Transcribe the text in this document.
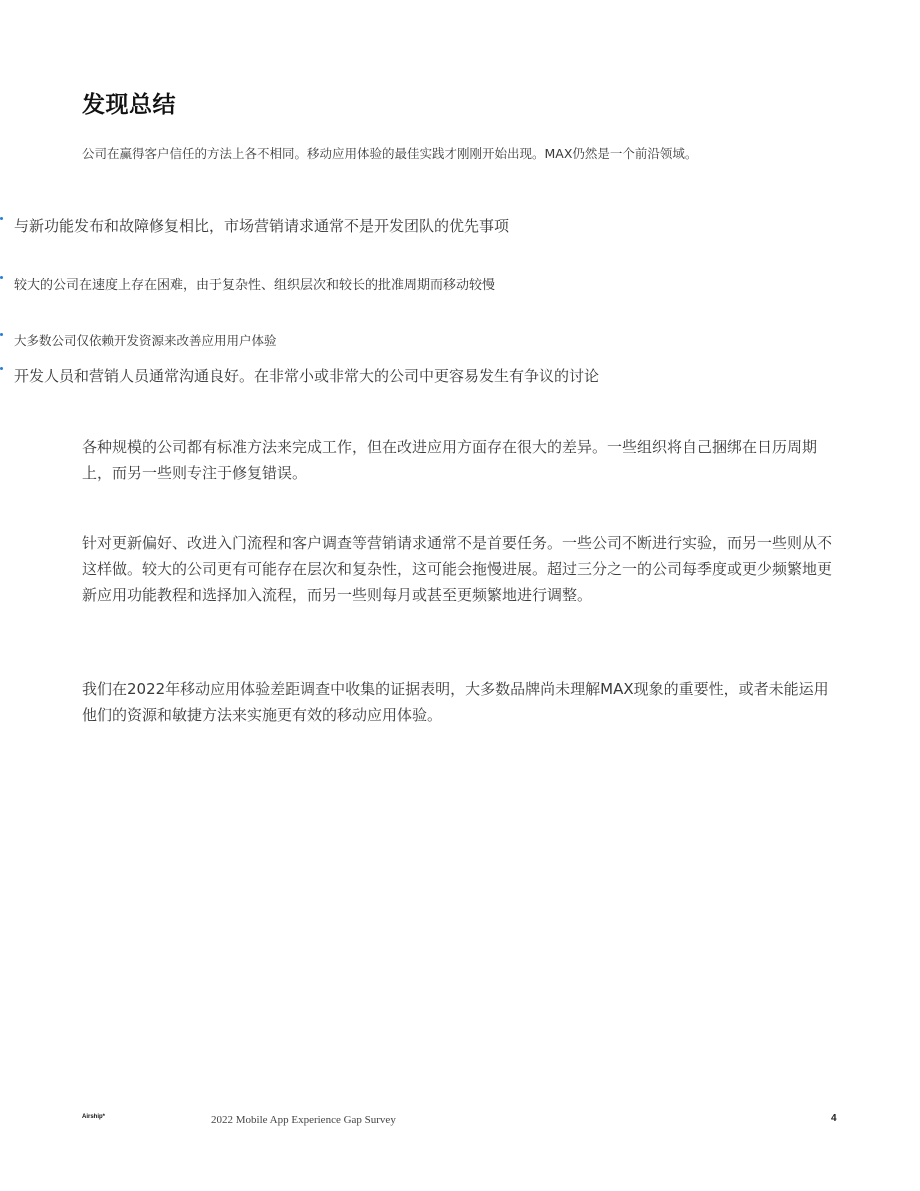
发现总结

公司在赢得客户信任的方法上各不相同。移动应用体验的最佳实践才刚刚开始出现。MAX仍然是一个前沿领域。

与新功能发布和故障修复相比，市场营销请求通常不是开发团队的优先事项
较大的公司在速度上存在困难，由于复杂性、组织层次和较长的批准周期而移动较慢
大多数公司仅依赖开发资源来改善应用用户体验
开发人员和营销人员通常沟通良好。在非常小或非常大的公司中更容易发生有争议的讨论

各种规模的公司都有标准方法来完成工作，但在改进应用方面存在很大的差异。一些组织将自己捆绑在日历周期上，而另一些则专注于修复错误。

针对更新偏好、改进入门流程和客户调查等营销请求通常不是首要任务。一些公司不断进行实验，而另一些则从不这样做。较大的公司更有可能存在层次和复杂性，这可能会拖慢进展。超过三分之一的公司每季度或更少频繁地更新应用功能教程和选择加入流程，而另一些则每月或甚至更频繁地进行调整。

我们在2022年移动应用体验差距调查中收集的证据表明，大多数品牌尚未理解MAX现象的重要性，或者未能运用他们的资源和敏捷方法来实施更有效的移动应用体验。

Airship*	2022 Mobile App Experience Gap Survey	4
